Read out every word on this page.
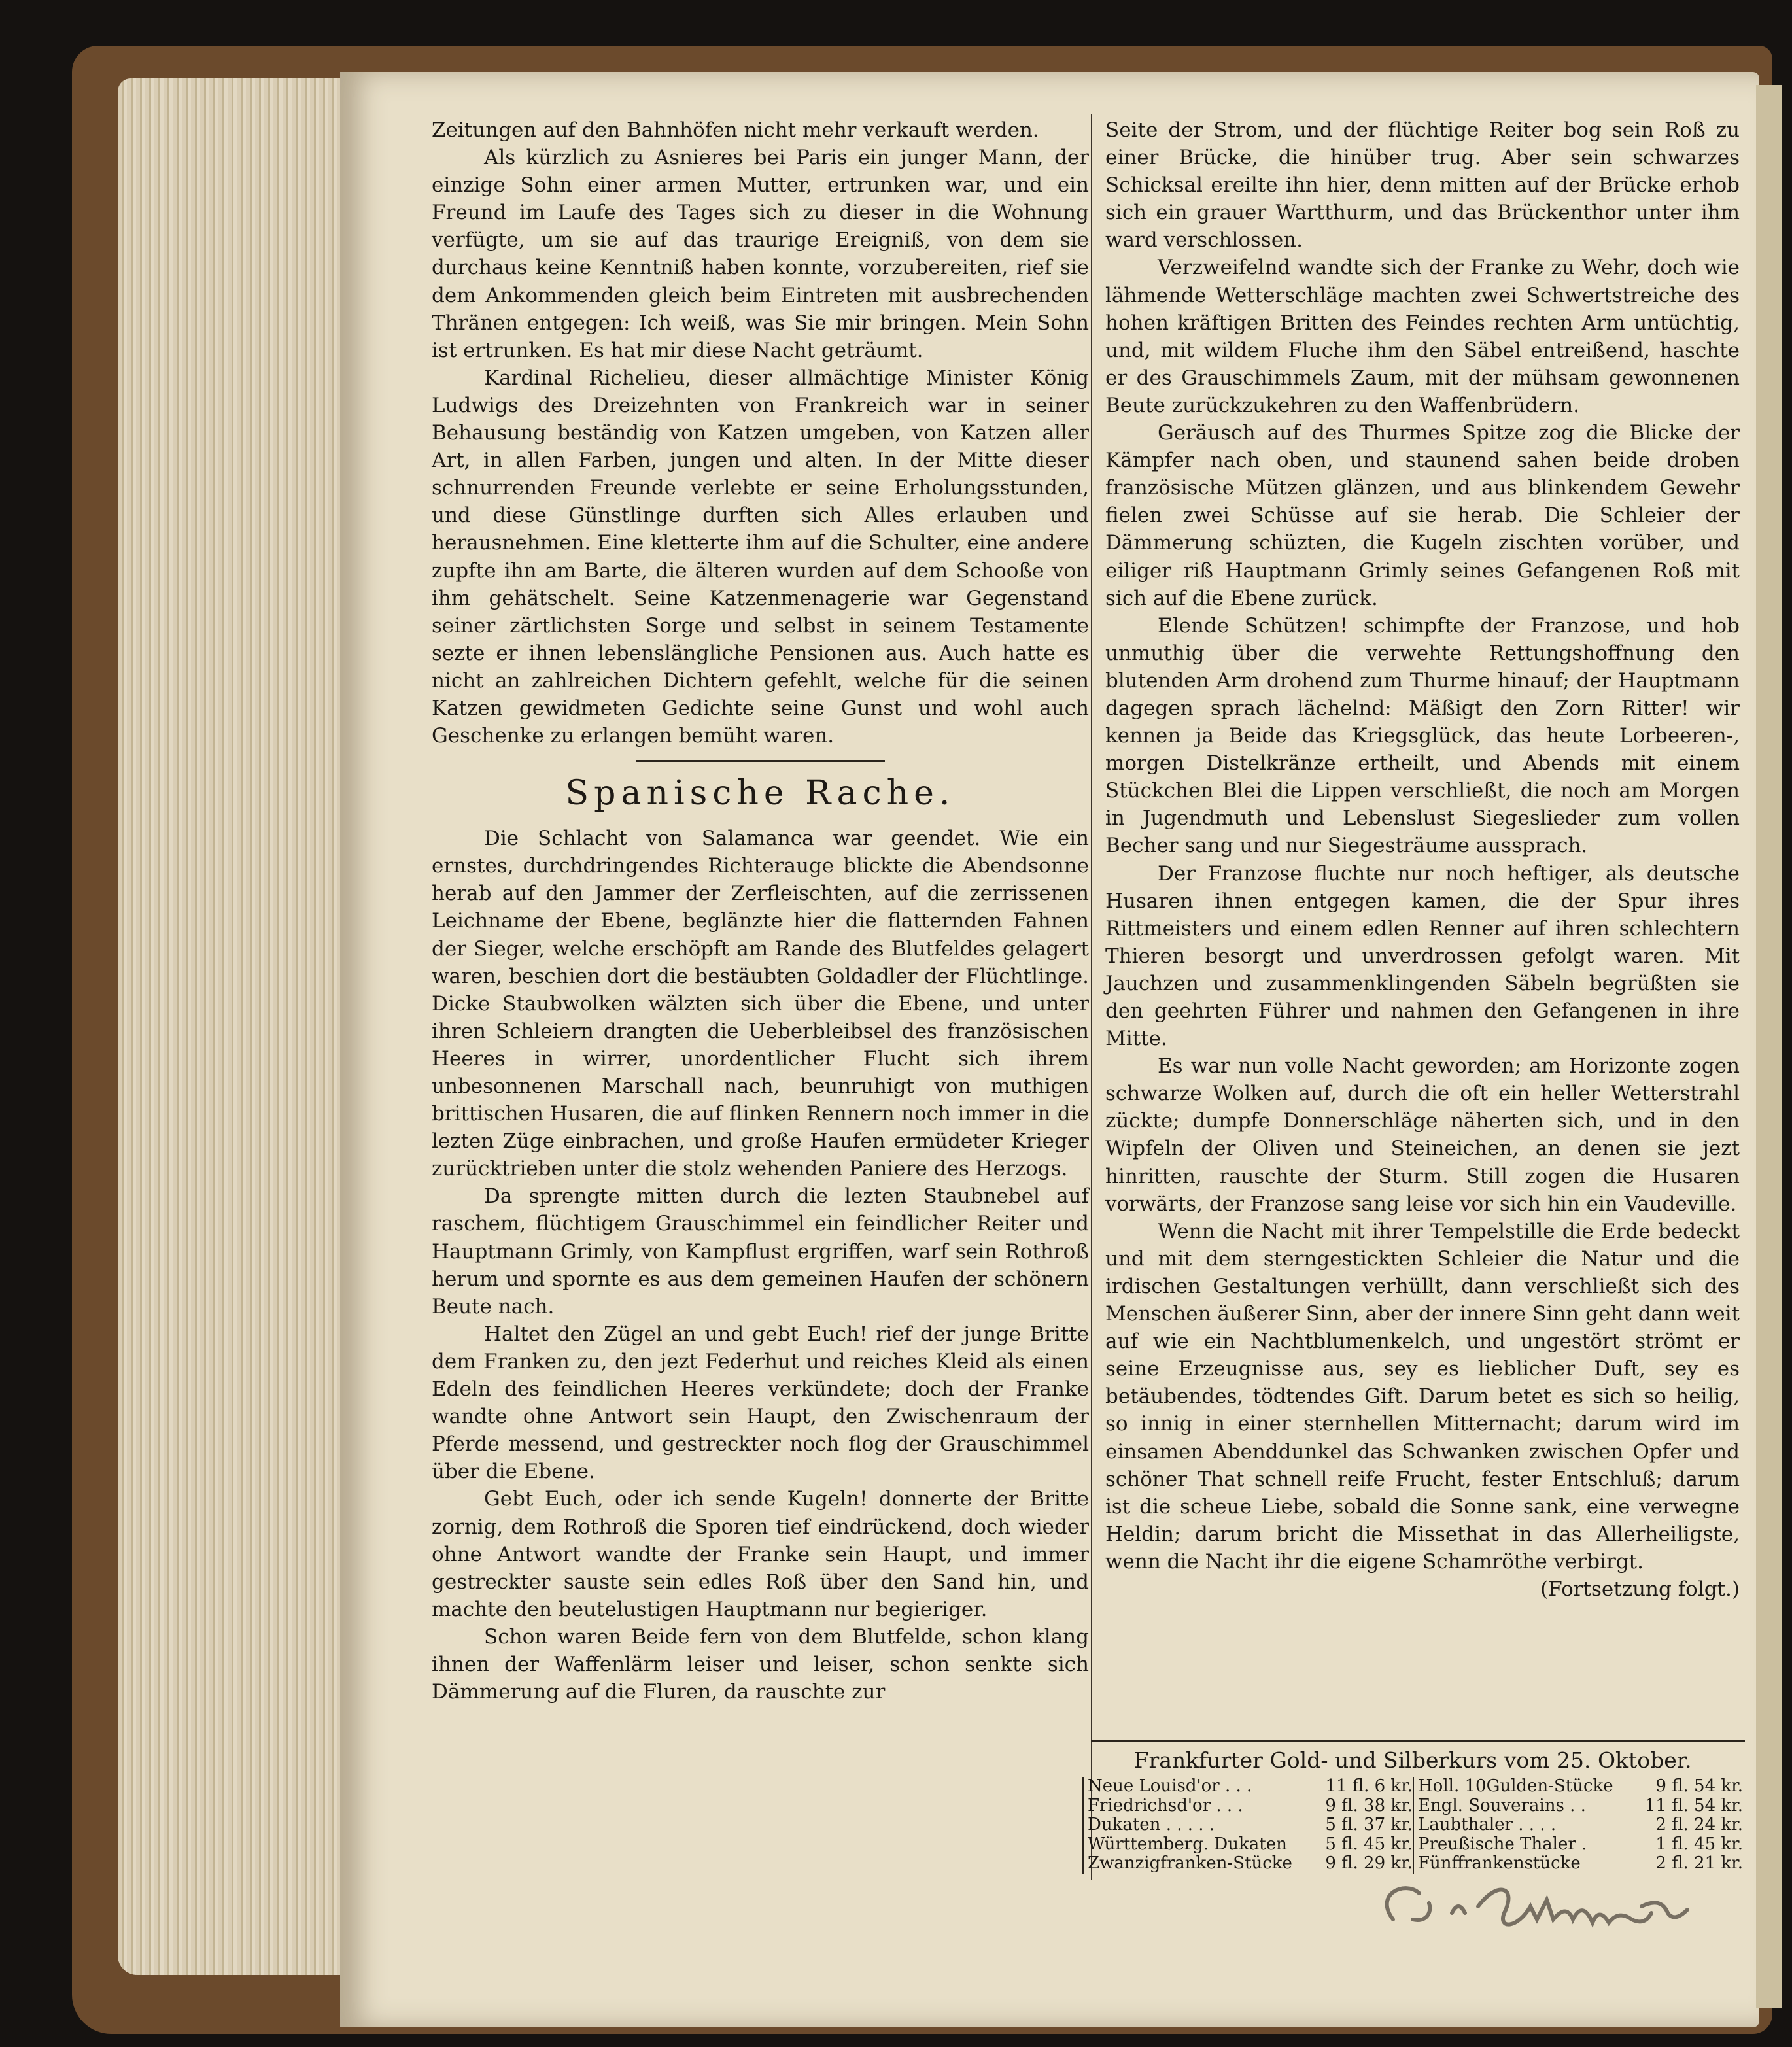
Zeitungen auf den Bahnhöfen nicht mehr verkauft werden.

Als kürzlich zu Asnieres bei Paris ein junger Mann, der einzige Sohn einer armen Mutter, ertrunken war, und ein Freund im Laufe des Tages sich zu dieser in die Wohnung verfügte, um sie auf das traurige Ereigniß, von dem sie durchaus keine Kenntniß haben konnte, vorzubereiten, rief sie dem Ankommenden gleich beim Eintreten mit ausbrechenden Thränen entgegen: Ich weiß, was Sie mir bringen. Mein Sohn ist ertrunken. Es hat mir diese Nacht geträumt.

Kardinal Richelieu, dieser allmächtige Minister König Ludwigs des Dreizehnten von Frankreich war in seiner Behausung beständig von Katzen umgeben, von Katzen aller Art, in allen Farben, jungen und alten. In der Mitte dieser schnurrenden Freunde verlebte er seine Erholungsstunden, und diese Günstlinge durften sich Alles erlauben und herausnehmen. Eine kletterte ihm auf die Schulter, eine andere zupfte ihn am Barte, die älteren wurden auf dem Schooße von ihm gehätschelt. Seine Katzenmenagerie war Gegenstand seiner zärtlichsten Sorge und selbst in seinem Testamente sezte er ihnen lebenslängliche Pensionen aus. Auch hatte es nicht an zahlreichen Dichtern gefehlt, welche für die seinen Katzen gewidmeten Gedichte seine Gunst und wohl auch Geschenke zu erlangen bemüht waren.

Spanische Rache.

Die Schlacht von Salamanca war geendet. Wie ein ernstes, durchdringendes Richterauge blickte die Abendsonne herab auf den Jammer der Zerfleischten, auf die zerrissenen Leichname der Ebene, beglänzte hier die flatternden Fahnen der Sieger, welche erschöpft am Rande des Blutfeldes gelagert waren, beschien dort die bestäubten Goldadler der Flüchtlinge. Dicke Staubwolken wälzten sich über die Ebene, und unter ihren Schleiern drangten die Ueberbleibsel des französischen Heeres in wirrer, unordentlicher Flucht sich ihrem unbesonnenen Marschall nach, beunruhigt von muthigen brittischen Husaren, die auf flinken Rennern noch immer in die lezten Züge einbrachen, und große Haufen ermüdeter Krieger zurücktrieben unter die stolz wehenden Paniere des Herzogs.

Da sprengte mitten durch die lezten Staubnebel auf raschem, flüchtigem Grauschimmel ein feindlicher Reiter und Hauptmann Grimly, von Kampflust ergriffen, warf sein Rothroß herum und spornte es aus dem gemeinen Haufen der schönern Beute nach.

Haltet den Zügel an und gebt Euch! rief der junge Britte dem Franken zu, den jezt Federhut und reiches Kleid als einen Edeln des feindlichen Heeres verkündete; doch der Franke wandte ohne Antwort sein Haupt, den Zwischenraum der Pferde messend, und gestreckter noch flog der Grauschimmel über die Ebene.

Gebt Euch, oder ich sende Kugeln! donnerte der Britte zornig, dem Rothroß die Sporen tief eindrückend, doch wieder ohne Antwort wandte der Franke sein Haupt, und immer gestreckter sauste sein edles Roß über den Sand hin, und machte den beutelustigen Hauptmann nur begieriger.

Schon waren Beide fern von dem Blutfelde, schon klang ihnen der Waffenlärm leiser und leiser, schon senkte sich Dämmerung auf die Fluren, da rauschte zur

Seite der Strom, und der flüchtige Reiter bog sein Roß zu einer Brücke, die hinüber trug. Aber sein schwarzes Schicksal ereilte ihn hier, denn mitten auf der Brücke erhob sich ein grauer Wartthurm, und das Brückenthor unter ihm ward verschlossen.

Verzweifelnd wandte sich der Franke zu Wehr, doch wie lähmende Wetterschläge machten zwei Schwertstreiche des hohen kräftigen Britten des Feindes rechten Arm untüchtig, und, mit wildem Fluche ihm den Säbel entreißend, haschte er des Grauschimmels Zaum, mit der mühsam gewonnenen Beute zurückzukehren zu den Waffenbrüdern.

Geräusch auf des Thurmes Spitze zog die Blicke der Kämpfer nach oben, und staunend sahen beide droben französische Mützen glänzen, und aus blinkendem Gewehr fielen zwei Schüsse auf sie herab. Die Schleier der Dämmerung schüzten, die Kugeln zischten vorüber, und eiliger riß Hauptmann Grimly seines Gefangenen Roß mit sich auf die Ebene zurück.

Elende Schützen! schimpfte der Franzose, und hob unmuthig über die verwehte Rettungshoffnung den blutenden Arm drohend zum Thurme hinauf; der Hauptmann dagegen sprach lächelnd: Mäßigt den Zorn Ritter! wir kennen ja Beide das Kriegsglück, das heute Lorbeeren-, morgen Distelkränze ertheilt, und Abends mit einem Stückchen Blei die Lippen verschließt, die noch am Morgen in Jugendmuth und Lebenslust Siegeslieder zum vollen Becher sang und nur Siegesträume aussprach.

Der Franzose fluchte nur noch heftiger, als deutsche Husaren ihnen entgegen kamen, die der Spur ihres Rittmeisters und einem edlen Renner auf ihren schlechtern Thieren besorgt und unverdrossen gefolgt waren. Mit Jauchzen und zusammenklingenden Säbeln begrüßten sie den geehrten Führer und nahmen den Gefangenen in ihre Mitte.

Es war nun volle Nacht geworden; am Horizonte zogen schwarze Wolken auf, durch die oft ein heller Wetterstrahl zückte; dumpfe Donnerschläge näherten sich, und in den Wipfeln der Oliven und Steineichen, an denen sie jezt hinritten, rauschte der Sturm. Still zogen die Husaren vorwärts, der Franzose sang leise vor sich hin ein Vaudeville.

Wenn die Nacht mit ihrer Tempelstille die Erde bedeckt und mit dem sterngestickten Schleier die Natur und die irdischen Gestaltungen verhüllt, dann verschließt sich des Menschen äußerer Sinn, aber der innere Sinn geht dann weit auf wie ein Nachtblumenkelch, und ungestört strömt er seine Erzeugnisse aus, sey es lieblicher Duft, sey es betäubendes, tödtendes Gift. Darum betet es sich so heilig, so innig in einer sternhellen Mitternacht; darum wird im einsamen Abenddunkel das Schwanken zwischen Opfer und schöner That schnell reife Frucht, fester Entschluß; darum ist die scheue Liebe, sobald die Sonne sank, eine verwegne Heldin; darum bricht die Missethat in das Allerheiligste, wenn die Nacht ihr die eigene Schamröthe verbirgt.

(Fortsetzung folgt.)
Frankfurter Gold- und Silberkurs vom 25. Oktober.
Neue Louisd'or . . .	11 fl. 6 kr.
Friedrichsd'or . . .	9 fl. 38 kr.
Dukaten . . . . .	5 fl. 37 kr.
Württemberg. Dukaten	5 fl. 45 kr.
Zwanzigfranken-Stücke	9 fl. 29 kr.
Holl. 10Gulden-Stücke	9 fl. 54 kr.
Engl. Souverains . .	11 fl. 54 kr.
Laubthaler . . . .	2 fl. 24 kr.
Preußische Thaler .	1 fl. 45 kr.
Fünffrankenstücke	2 fl. 21 kr.
